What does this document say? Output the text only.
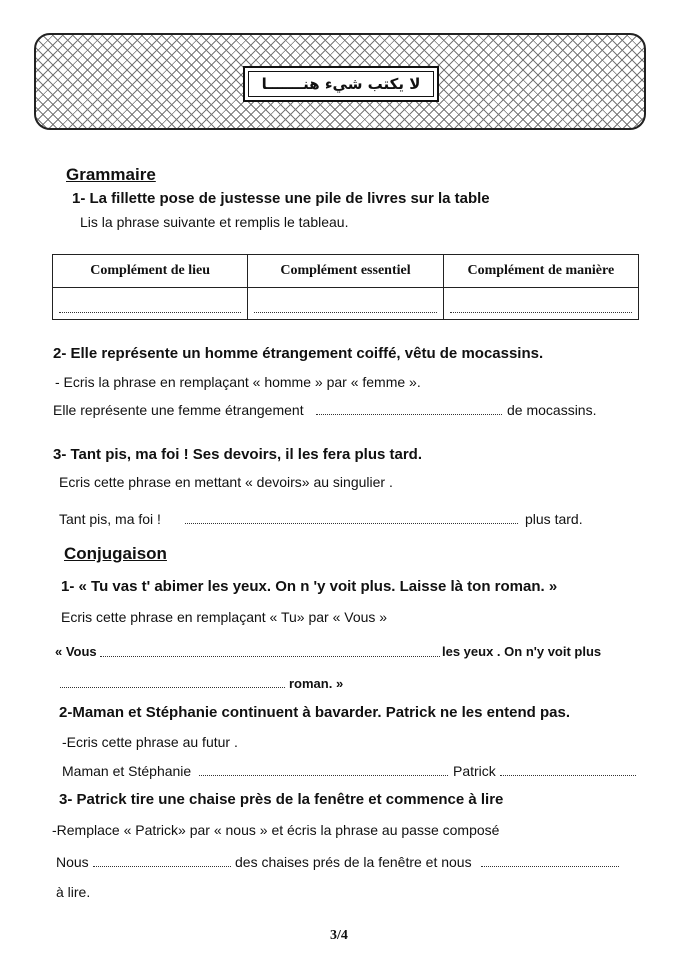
لا يكتب شيء هنـــــــا
Grammaire
1- La fillette pose de justesse une pile de livres sur la table
Lis la phrase suivante et remplis le tableau.
Complément de lieu	Complément essentiel	Complément de manière

2- Elle représente un homme étrangement coiffé, vêtu de mocassins.
- Ecris la phrase en remplaçant « homme » par « femme ».
Elle représente une femme étrangement	de mocassins.
3- Tant pis, ma foi ! Ses devoirs, il les fera plus tard.
Ecris cette phrase en mettant « devoirs» au singulier .
Tant pis, ma foi !	plus tard.
Conjugaison
1- « Tu vas t' abimer les yeux. On n 'y voit plus. Laisse là ton roman. »
Ecris cette phrase en remplaçant « Tu» par « Vous »
« Vous	les yeux . On n'y voit plus
roman. »
2-Maman et Stéphanie continuent à bavarder. Patrick ne les entend pas.
-Ecris cette phrase au futur .
Maman et Stéphanie	Patrick
3- Patrick tire une chaise près de la fenêtre et commence à lire
-Remplace « Patrick» par « nous » et écris la phrase au passe composé
Nous	des chaises prés de la fenêtre et nous
à lire.
3/4
